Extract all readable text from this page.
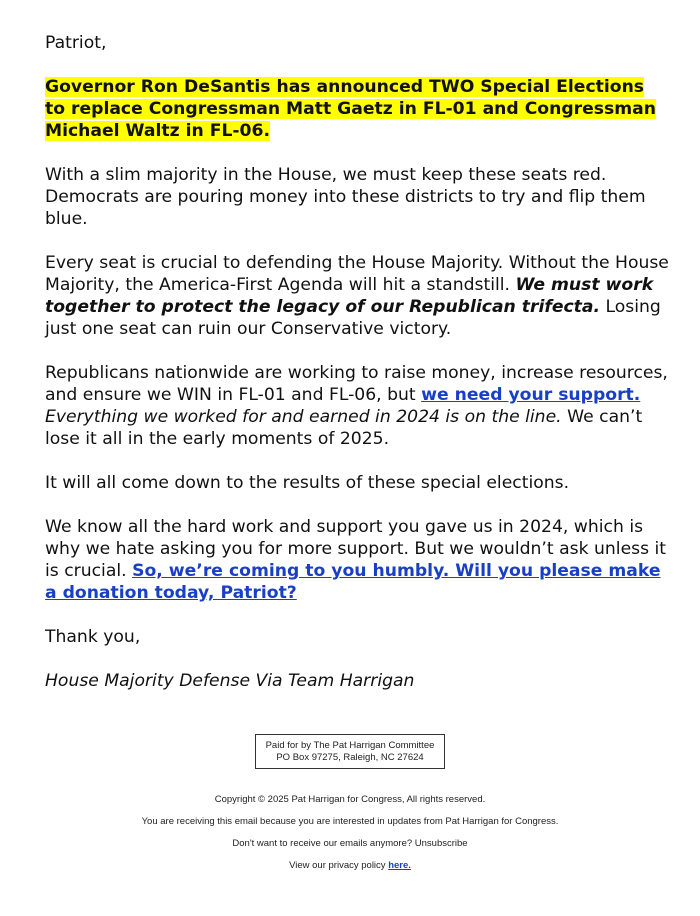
Patriot,

Governor Ron DeSantis has announced TWO Special Elections to replace Congressman Matt Gaetz in FL-01 and Congressman Michael Waltz in FL-06.

With a slim majority in the House, we must keep these seats red. Democrats are pouring money into these districts to try and flip them blue.

Every seat is crucial to defending the House Majority. Without the House Majority, the America-First Agenda will hit a standstill. We must work together to protect the legacy of our Republican trifecta. Losing just one seat can ruin our Conservative victory.

Republicans nationwide are working to raise money, increase resources, and ensure we WIN in FL-01 and FL-06, but we need your support. Everything we worked for and earned in 2024 is on the line. We can’t lose it all in the early moments of 2025.

It will all come down to the results of these special elections.

We know all the hard work and support you gave us in 2024, which is why we hate asking you for more support. But we wouldn’t ask unless it is crucial. So, we’re coming to you humbly. Will you please make a donation today, Patriot?

Thank you,

House Majority Defense Via Team Harrigan

Paid for by The Pat Harrigan Committee
PO Box 97275, Raleigh, NC 27624

Copyright © 2025 Pat Harrigan for Congress, All rights reserved.

You are receiving this email because you are interested in updates from Pat Harrigan for Congress.

Don't want to receive our emails anymore? Unsubscribe

View our privacy policy here.
